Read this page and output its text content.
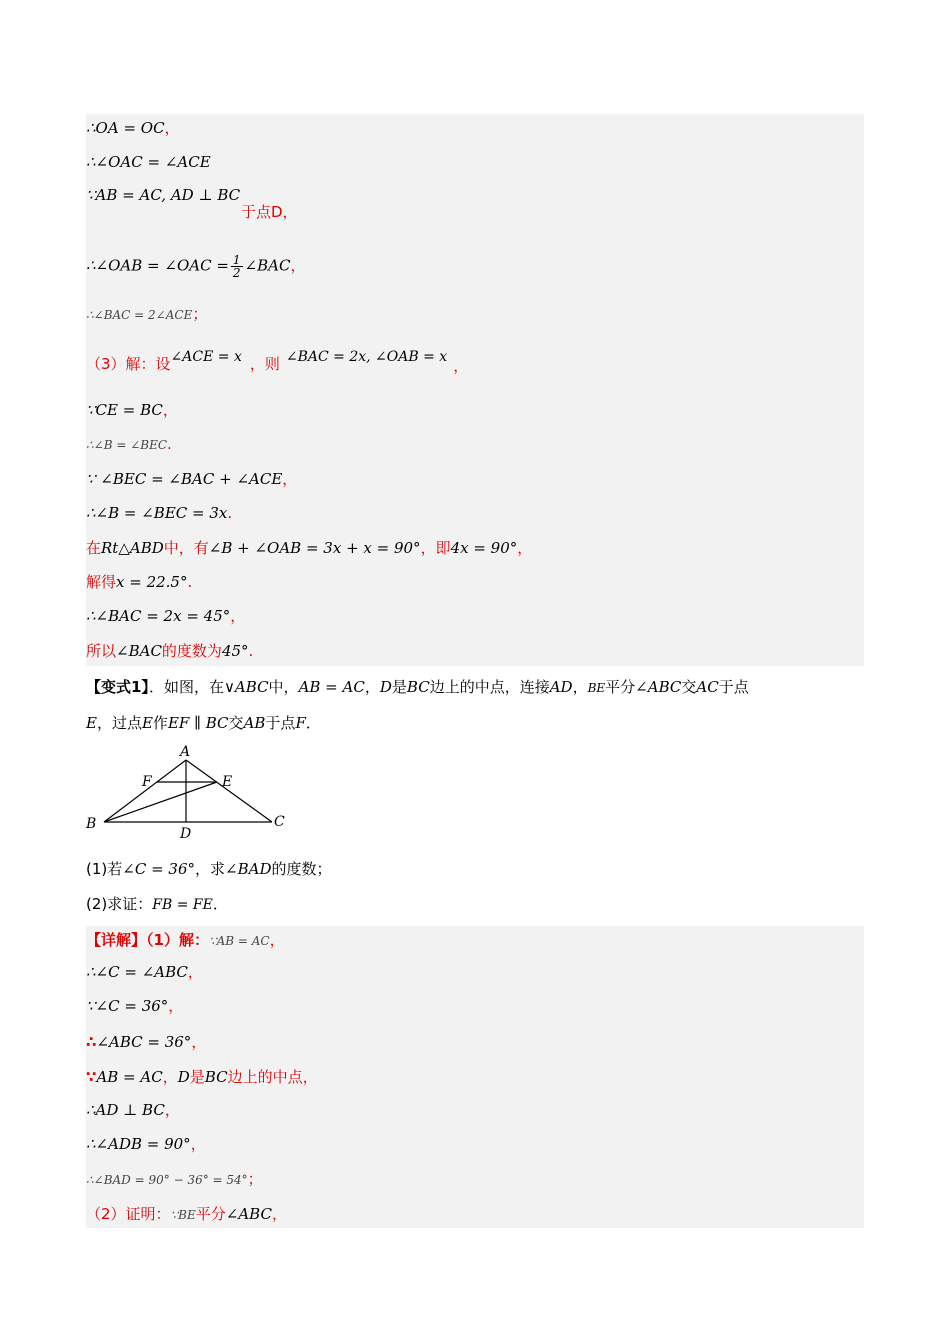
∴OA = OC，
∴∠OAC = ∠ACE
∵AB = AC, AD ⊥ BC
于点D，
∴∠OAB = ∠OAC = $\frac{1}{2}$ ∠BAC，
∴∠BAC = 2∠ACE；
（3）解：设∠ACE = x ，则 ∠BAC = 2x, ∠OAB = x ，
∵CE = BC，
∴∠B = ∠BEC.
∵ ∠BEC = ∠BAC + ∠ACE，
∴∠B = ∠BEC = 3x.
在Rt△ABD中，有∠B + ∠OAB = 3x + x = 90°，即4x = 90°，
解得x = 22.5°.
∴∠BAC = 2x = 45°，
所以∠BAC的度数为45°.
【变式1】．如图，在∨ABC中，AB = AC，D是BC边上的中点，连接AD，BE平分∠ABC交AC于点
E，过点E作EF ∥ BC交AB于点F．
A
F	E
B
D
C
(1)若∠C = 36°，求∠BAD的度数；
(2)求证：FB = FE．
【详解】（1）解：∵AB = AC，
∴∠C = ∠ABC，
∵∠C = 36°，
∴∠ABC = 36°，
∵AB = AC，D是BC边上的中点，
∴AD ⊥ BC，
∴∠ADB = 90°，
∴∠BAD = 90° − 36° = 54°；
（2）证明：∵BE平分∠ABC，
